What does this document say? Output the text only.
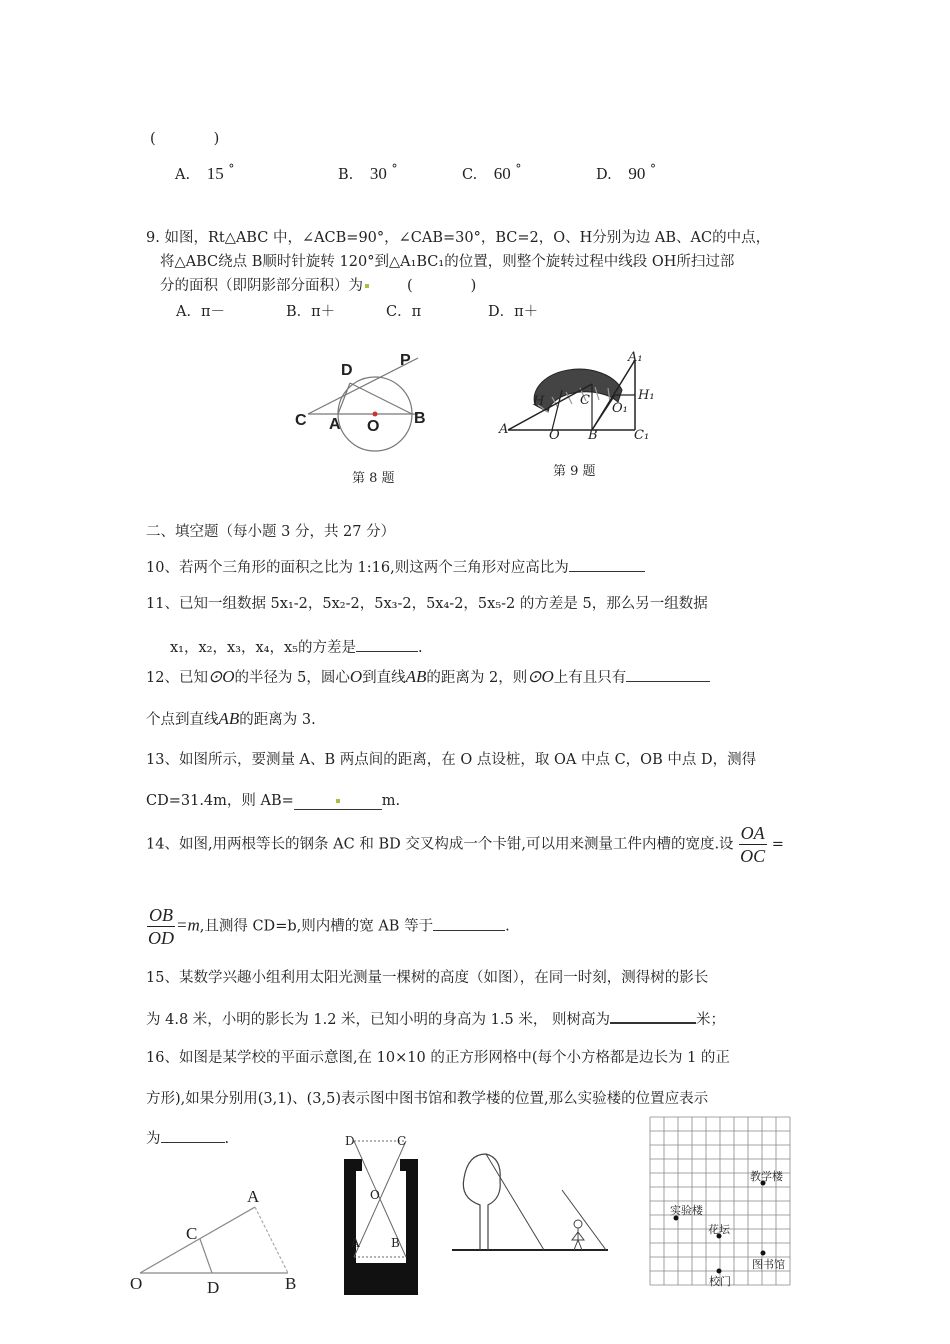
(　　　　)
A. 15 °	B. 30 °	C. 60 °	D. 90 °
9. 如图，Rt△ABC 中，∠ACB=90°，∠CAB=30°，BC=2，O、H分别为边 AB、AC的中点，
将△ABC绕点 B顺时针旋转 120°到△A₁BC₁的位置，则整个旋转过程中线段 OH所扫过部
分的面积（即阴影部分面积）为	(　　　　)
A．π－	B．π＋	C．π	D．π＋
D
P
C A O B
第 8 题
A₁
H₁
O₁
H	C
A	O B	C₁
第 9 题
二、填空题（每小题 3 分，共 27 分）
10、若两个三角形的面积之比为 1:16,则这两个三角形对应高比为
11、已知一组数据 5x₁-2，5x₂-2，5x₃-2，5x₄-2，5x₅-2 的方差是 5，那么另一组数据
x₁，x₂，x₃，x₄，x₅的方差是	.
12、已知⊙O的半径为 5，圆心O到直线AB的距离为 2，则⊙O上有且只有
个点到直线AB的距离为 3.
13、如图所示，要测量 A、B 两点间的距离，在 O 点设桩，取 OA 中点 C，OB 中点 D，测得
CD=31.4m，则 AB=	m.
14、如图,用两根等长的钢条 AC 和 BD 交叉构成一个卡钳,可以用来测量工件内槽的宽度.设 $\frac{OA}{OC}$ =
$\frac{OB}{OD} =m$,且测得 CD=b,则内槽的宽 AB 等于	.
15、某数学兴趣小组利用太阳光测量一棵树的高度（如图），在同一时刻，测得树的影长
为 4.8 米，小明的影长为 1.2 米，已知小明的身高为 1.5 米， 则树高为	米；
16、如图是某学校的平面示意图,在 10×10 的正方形网格中(每个小方格都是边长为 1 的正
方形),如果分别用(3,1)、(3,5)表示图中图书馆和教学楼的位置,那么实验楼的位置应表示
为	.
A
C
O	D	B
D	C
O
A	B
教学楼
实验楼
花坛
图书馆
校门
